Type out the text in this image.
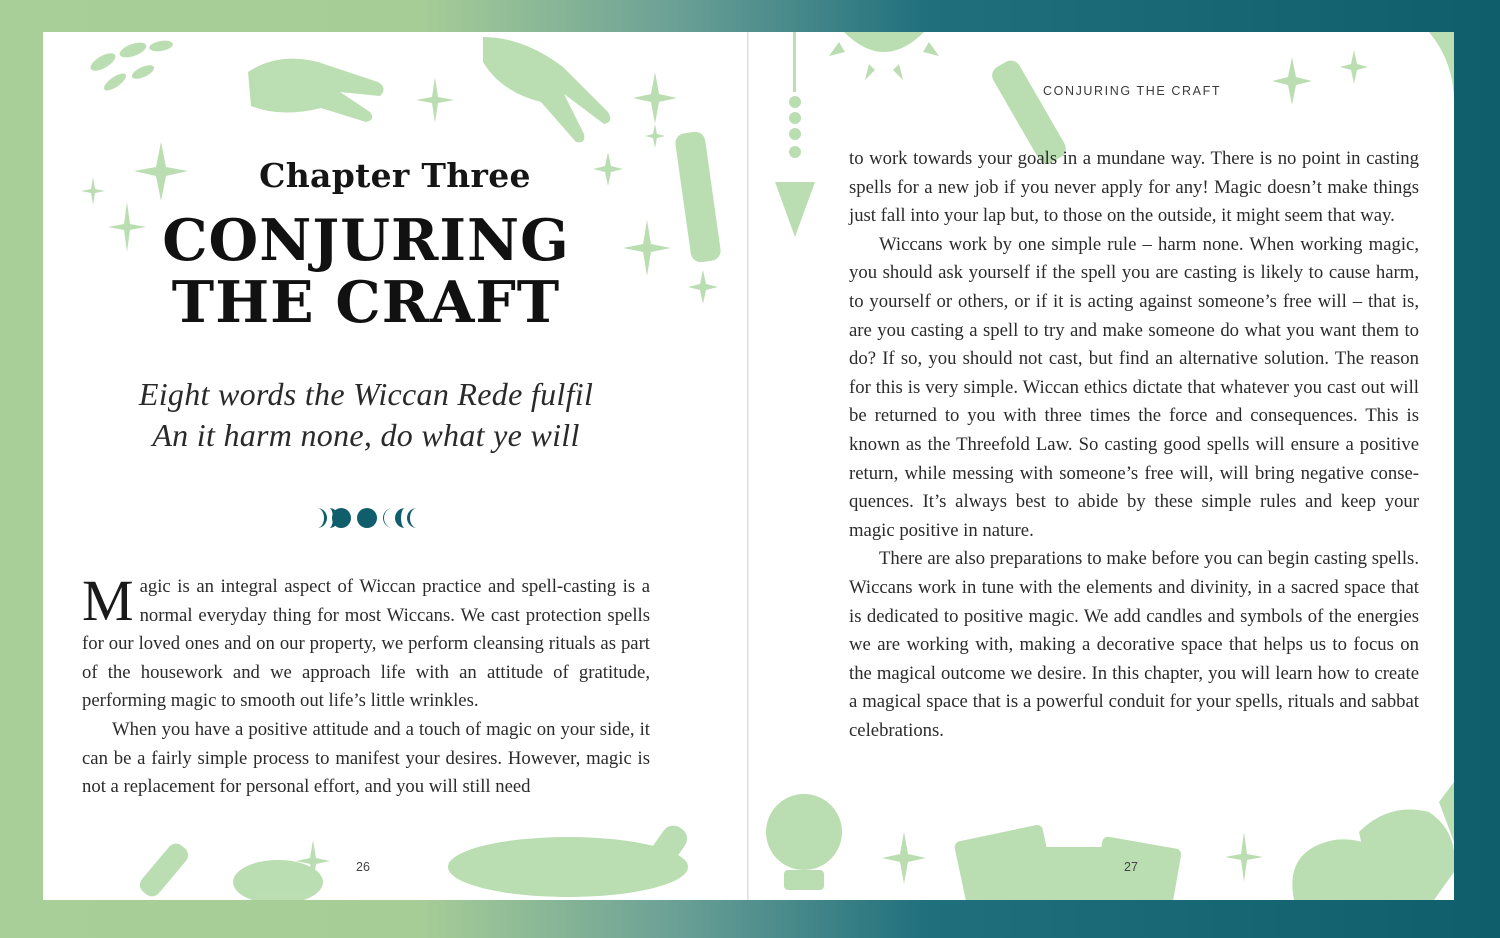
Chapter Three
CONJURING THE CRAFT
Eight words the Wiccan Rede fulfil
An it harm none, do what ye will

Magic is an integral aspect of Wiccan practice and spell-casting is a normal everyday thing for most Wiccans. We cast protection spells for our loved ones and on our property, we perform cleansing rituals as part of the housework and we approach life with an attitude of gratitude, performing magic to smooth out life’s little wrinkles.

When you have a positive attitude and a touch of magic on your side, it can be a fairly simple process to manifest your desires. However, magic is not a replacement for personal effort, and you will still need

26
CONJURING THE CRAFT

to work towards your goals in a mundane way. There is no point in casting spells for a new job if you never apply for any! Magic doesn’t make things just fall into your lap but, to those on the outside, it might seem that way.

Wiccans work by one simple rule – harm none. When working magic, you should ask yourself if the spell you are casting is likely to cause harm, to yourself or others, or if it is acting against someone’s free will – that is, are you casting a spell to try and make someone do what you want them to do? If so, you should not cast, but find an alternative solution. The reason for this is very simple. Wiccan ethics dictate that whatever you cast out will be returned to you with three times the force and consequences. This is known as the Threefold Law. So casting good spells will ensure a positive return, while messing with someone’s free will, will bring negative consequences. It’s always best to abide by these simple rules and keep your magic positive in nature.

There are also preparations to make before you can begin casting spells. Wiccans work in tune with the elements and divinity, in a sacred space that is dedicated to positive magic. We add candles and symbols of the energies we are working with, making a decorative space that helps us to focus on the magical outcome we desire. In this chapter, you will learn how to create a magical space that is a powerful conduit for your spells, rituals and sabbat celebrations.

27
